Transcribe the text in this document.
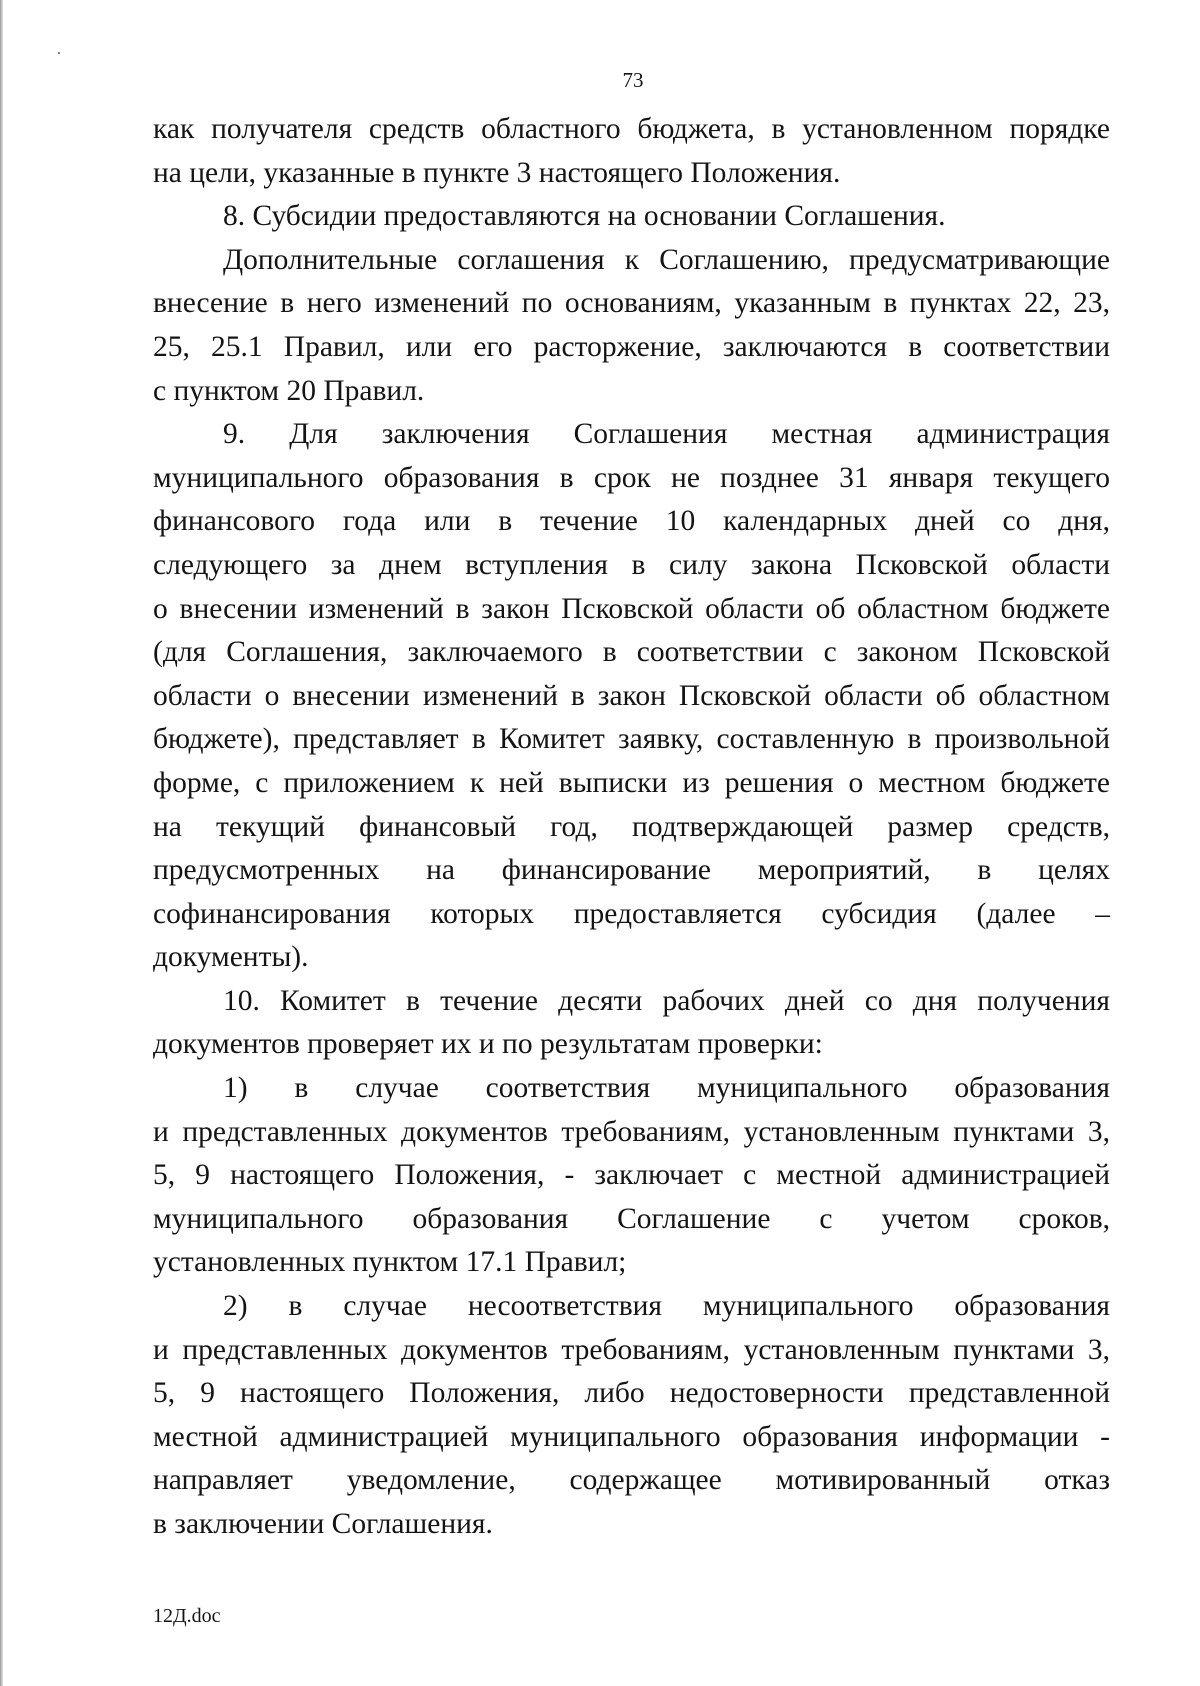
73

как получателя средств областного бюджета, в установленном порядке
на цели, указанные в пункте 3 настоящего Положения.

8. Субсидии предоставляются на основании Соглашения.

Дополнительные соглашения к Соглашению, предусматривающие
внесение в него изменений по основаниям, указанным в пунктах 22, 23,
25, 25.1 Правил, или его расторжение, заключаются в соответствии
с пунктом 20 Правил.

9. Для заключения Соглашения местная администрация
муниципального образования в срок не позднее 31 января текущего
финансового года или в течение 10 календарных дней со дня,
следующего за днем вступления в силу закона Псковской области
о внесении изменений в закон Псковской области об областном бюджете
(для Соглашения, заключаемого в соответствии с законом Псковской
области о внесении изменений в закон Псковской области об областном
бюджете), представляет в Комитет заявку, составленную в произвольной
форме, с приложением к ней выписки из решения о местном бюджете
на текущий финансовый год, подтверждающей размер средств,
предусмотренных на финансирование мероприятий, в целях
софинансирования которых предоставляется субсидия (далее –
документы).

10. Комитет в течение десяти рабочих дней со дня получения
документов проверяет их и по результатам проверки:

1) в случае соответствия муниципального образования
и представленных документов требованиям, установленным пунктами 3,
5, 9 настоящего Положения, - заключает с местной администрацией
муниципального образования Соглашение с учетом сроков,
установленных пунктом 17.1 Правил;

2) в случае несоответствия муниципального образования
и представленных документов требованиям, установленным пунктами 3,
5, 9 настоящего Положения, либо недостоверности представленной
местной администрацией муниципального образования информации -
направляет уведомление, содержащее мотивированный отказ
в заключении Соглашения.

12Д.doc
